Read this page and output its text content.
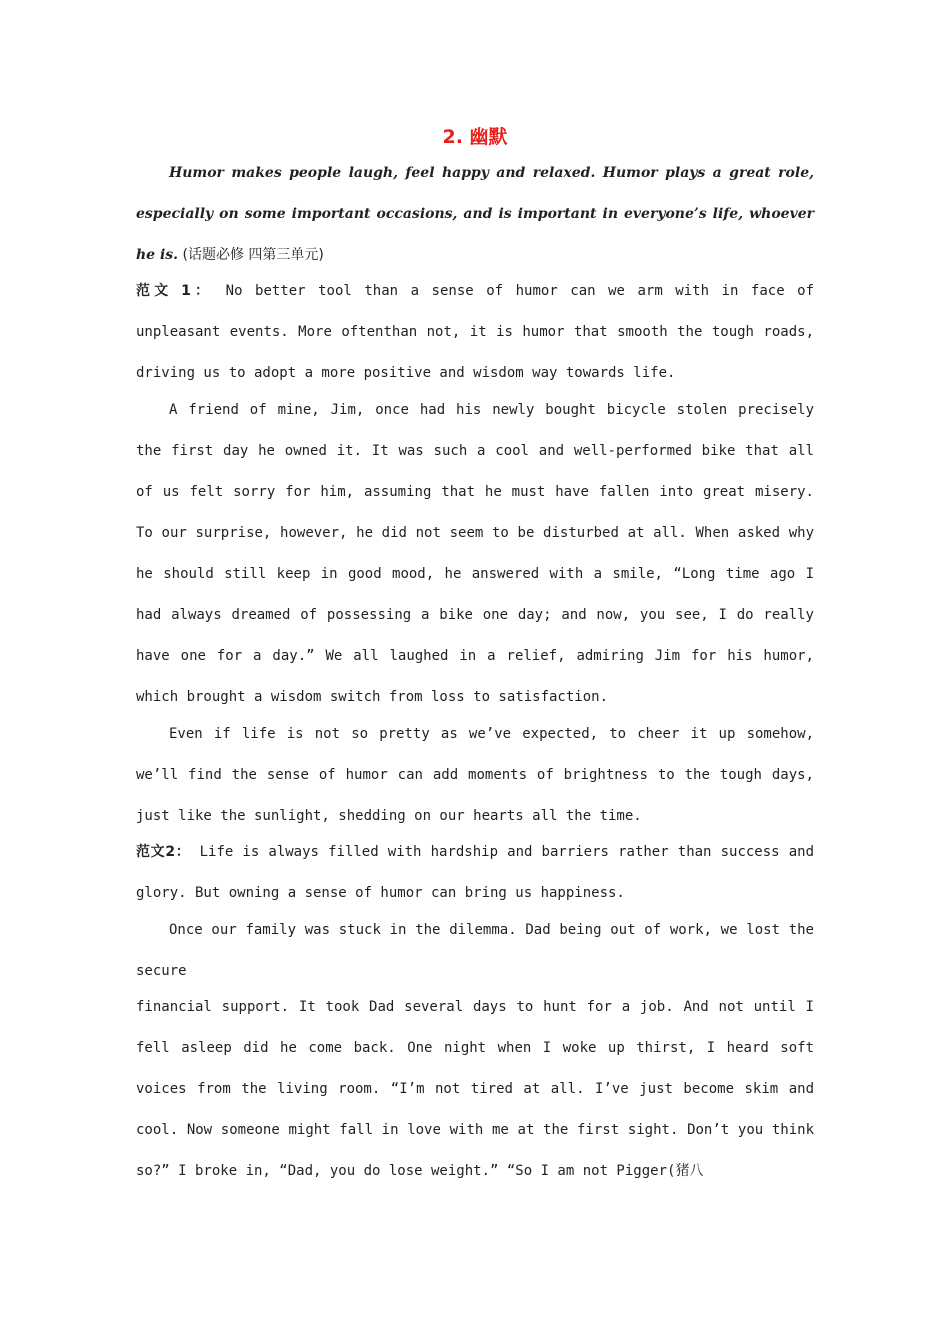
2. 幽默

Humor makes people laugh, feel happy and relaxed. Humor plays a great role, especially on some important occasions, and is important in everyone’s life, whoever he is. (话题必修 四第三单元)

范文 1： No better tool than a sense of humor can we arm with in face of unpleasant events. More oftenthan not, it is humor that smooth the tough roads, driving us to adopt a more positive and wisdom way towards life.

A friend of mine, Jim, once had his newly bought bicycle stolen precisely the first day he owned it. It was such a cool and well-performed bike that all of us felt sorry for him, assuming that he must have fallen into great misery. To our surprise, however, he did not seem to be disturbed at all. When asked why he should still keep in good mood, he answered with a smile, “Long time ago I had always dreamed of possessing a bike one day; and now, you see, I do really have one for a day.” We all laughed in a relief, admiring Jim for his humor, which brought a wisdom switch from loss to satisfaction.

Even if life is not so pretty as we’ve expected, to cheer it up somehow, we’ll find the sense of humor can add moments of brightness to the tough days, just like the sunlight, shedding on our hearts all the time.

范文2： Life is always filled with hardship and barriers rather than success and glory. But owning a sense of humor can bring us happiness.

Once our family was stuck in the dilemma. Dad being out of work, we lost the secure

financial support. It took Dad several days to hunt for a job. And not until I fell asleep did he come back. One night when I woke up thirst, I heard soft voices from the living room. “I’m not tired at all. I’ve just become skim and cool. Now someone might fall in love with me at the first sight. Don’t you think so?” I broke in, “Dad, you do lose weight.” “So I am not Pigger(猪八
